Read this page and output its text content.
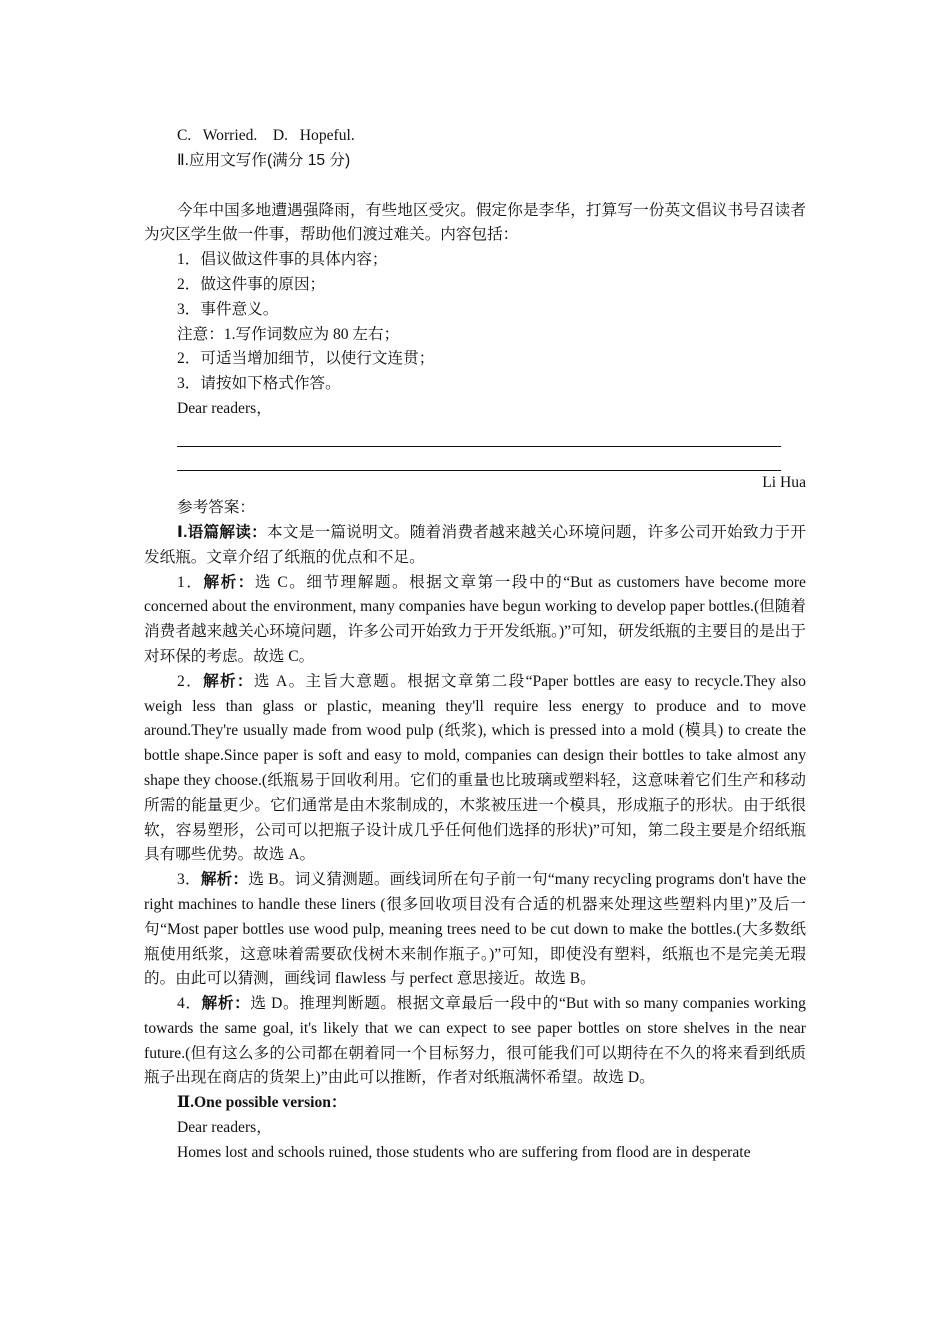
C.   Worried.    D.   Hopeful.

Ⅱ.应用文写作(满分 15 分)

今年中国多地遭遇强降雨，有些地区受灾。假定你是李华，打算写一份英文倡议书号召读者为灾区学生做一件事，帮助他们渡过难关。内容包括：

1．倡议做这件事的具体内容；

2．做这件事的原因；

3．事件意义。

注意：1.写作词数应为 80 左右；

2．可适当增加细节，以使行文连贯；

3．请按如下格式作答。

Dear readers，

Li Hua

参考答案：

Ⅰ.语篇解读：本文是一篇说明文。随着消费者越来越关心环境问题，许多公司开始致力于开发纸瓶。文章介绍了纸瓶的优点和不足。

1．解析：选 C。细节理解题。根据文章第一段中的“But as customers have become more concerned about the environment, many companies have begun working to develop paper bottles.(但随着消费者越来越关心环境问题，许多公司开始致力于开发纸瓶。)”可知，研发纸瓶的主要目的是出于对环保的考虑。故选 C。

2．解析：选 A。主旨大意题。根据文章第二段“Paper bottles are easy to recycle.They also weigh less than glass or plastic, meaning they'll require less energy to produce and to move around.They're usually made from wood pulp (纸浆), which is pressed into a mold (模具) to create the bottle shape.Since paper is soft and easy to mold, companies can design their bottles to take almost any shape they choose.(纸瓶易于回收利用。它们的重量也比玻璃或塑料轻，这意味着它们生产和移动所需的能量更少。它们通常是由木浆制成的，木浆被压进一个模具，形成瓶子的形状。由于纸很软，容易塑形，公司可以把瓶子设计成几乎任何他们选择的形状)”可知，第二段主要是介绍纸瓶具有哪些优势。故选 A。

3．解析：选 B。词义猜测题。画线词所在句子前一句“many recycling programs don't have the right machines to handle these liners (很多回收项目没有合适的机器来处理这些塑料内里)”及后一句“Most paper bottles use wood pulp, meaning trees need to be cut down to make the bottles.(大多数纸瓶使用纸浆，这意味着需要砍伐树木来制作瓶子。)”可知，即使没有塑料，纸瓶也不是完美无瑕的。由此可以猜测，画线词 flawless 与 perfect 意思接近。故选 B。

4．解析：选 D。推理判断题。根据文章最后一段中的“But with so many companies working towards the same goal, it's likely that we can expect to see paper bottles on store shelves in the near future.(但有这么多的公司都在朝着同一个目标努力，很可能我们可以期待在不久的将来看到纸质瓶子出现在商店的货架上)”由此可以推断，作者对纸瓶满怀希望。故选 D。

Ⅱ.One possible version：

Dear readers，

Homes lost and schools ruined, those students who are suffering from flood are in desperate
